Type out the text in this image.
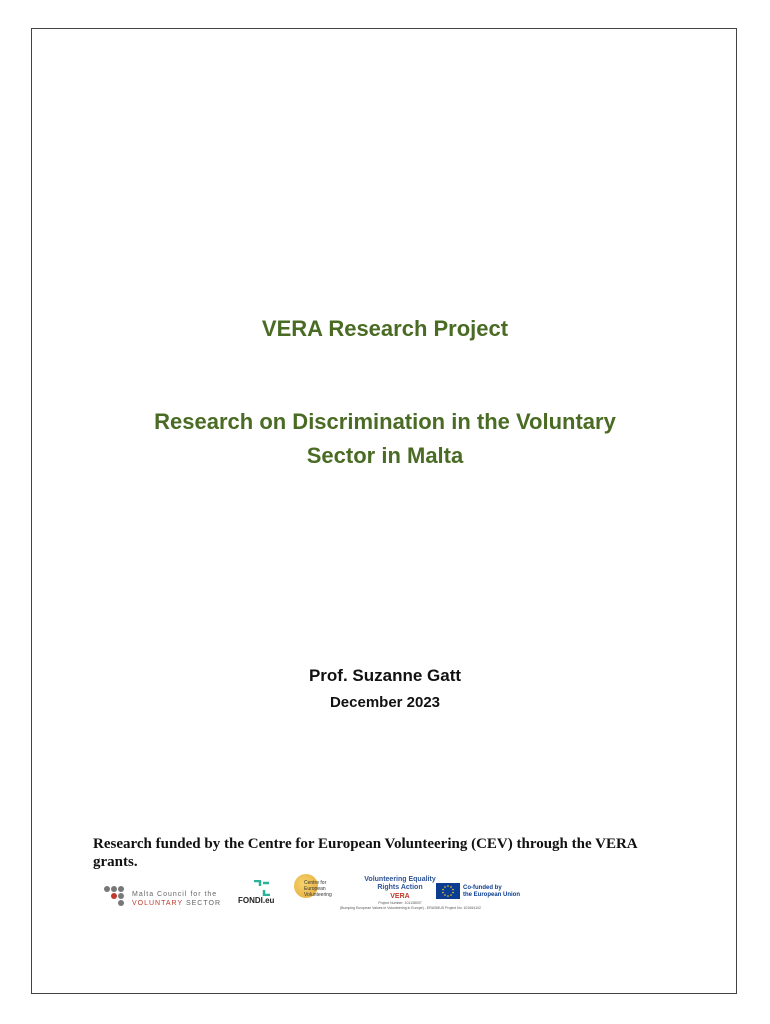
VERA Research Project
Research on Discrimination in the Voluntary
Sector in Malta
Prof. Suzanne Gatt
December 2023
Research funded by the Centre for European Volunteering (CEV) through the VERA grants.
Malta Council for the
VOLUNTARY SECTOR FONDI.eu
Centre for
European
Volunteering
Volunteering Equality
Rights Action
VERA
Project Number: 101138007
(Bumping European Values in Volunteering in Europe) - ERASMUS Project No: 101064102
Co-funded by
the European Union
